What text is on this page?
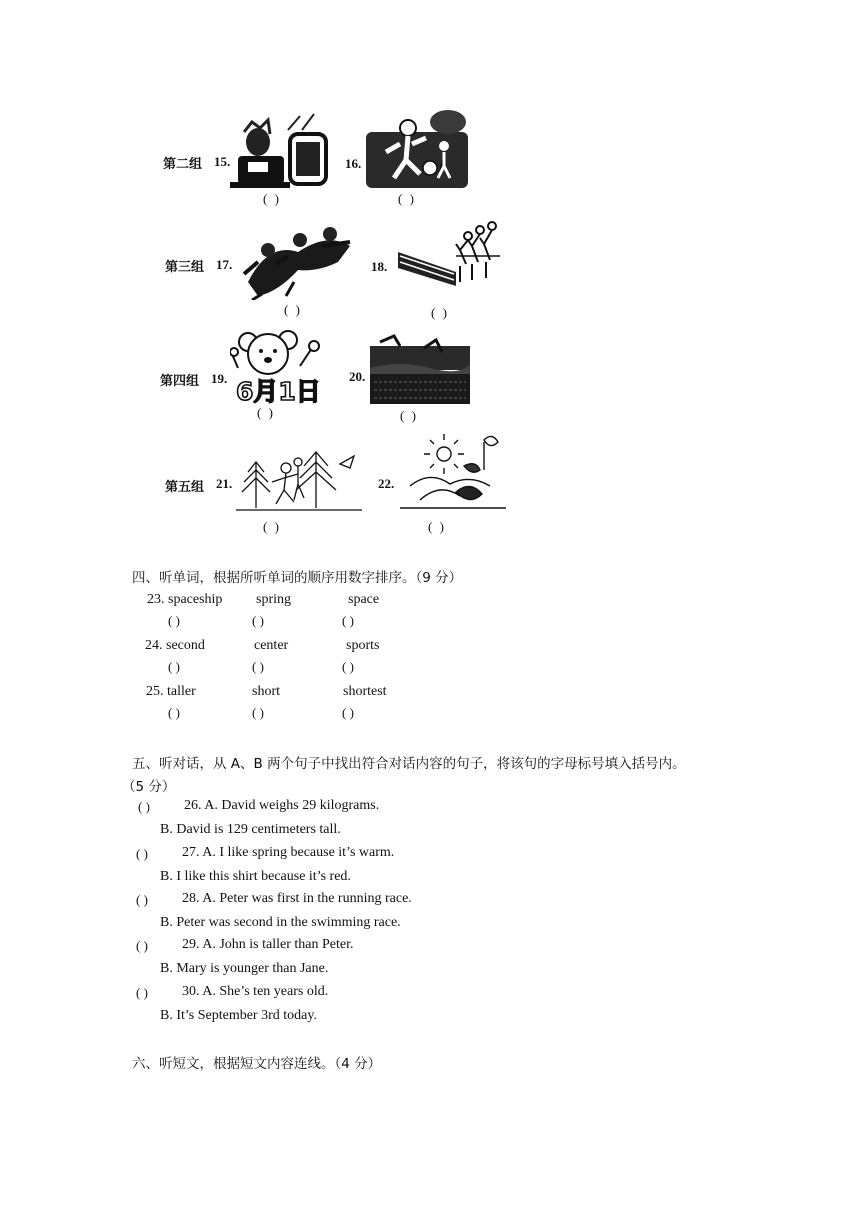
第二组 15.
( )
16.
( )
第三组 17.
( )
18.
( )
第四组 19. 6月1日
( )
20.
( )
第五组 21.
( )
22.
( )
四、听单词，根据所听单词的顺序用数字排序。（9 分）
23. spaceship spring	space
( )	( )	( )
24. second	center	sports
( )	( )	( )
25. taller	short	shortest
( )	( )	( )
五、听对话，从 A、B 两个句子中找出符合对话内容的句子，将该句的字母标号填入括号内。
（5 分）
( ) 26. A. David weighs 29 kilograms.
B. David is 129 centimeters tall.
( ) 27. A. I like spring because it’s warm.
B. I like this shirt because it’s red.
( ) 28. A. Peter was first in the running race.
B. Peter was second in the swimming race.
( ) 29. A. John is taller than Peter.
B. Mary is younger than Jane.
( ) 30. A. She’s ten years old.
B. It’s September 3rd today.
六、听短文，根据短文内容连线。（4 分）
